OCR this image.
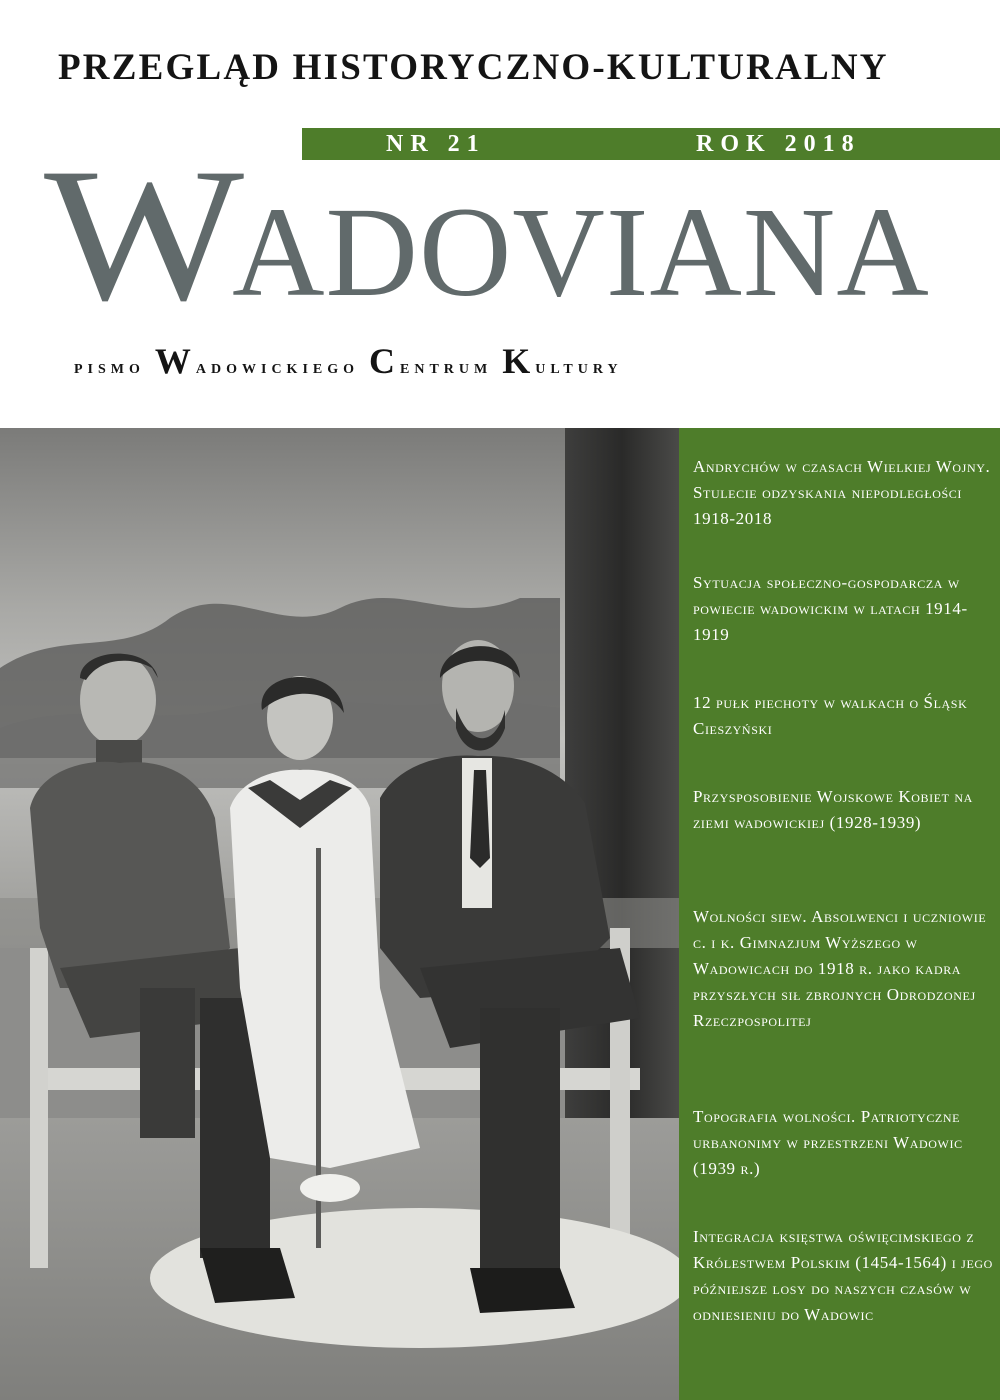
PRZEGLĄD HISTORYCZNO-KULTURALNY
NR 21	ROK 2018
WADOVIANA
pismo Wadowickiego Centrum Kultury
Andrychów w czasach Wielkiej Wojny. Stulecie odzyskania niepodległości 1918-2018
Sytuacja społeczno-gospodarcza w powiecie wadowickim w latach 1914-1919
12 pułk piechoty w walkach o Śląsk Cieszyński
Przysposobienie Wojskowe Kobiet na ziemi wadowickiej (1928-1939)
Wolności siew. Absolwenci i uczniowie c. i k. Gimnazjum Wyższego w Wadowicach do 1918 r. jako kadra przyszłych sił zbrojnych Odrodzonej Rzeczpospolitej
Topografia wolności. Patriotyczne urbanonimy w przestrzeni Wadowic (1939 r.)
Integracja księstwa oświęcimskiego z Królestwem Polskim (1454-1564) i jego późniejsze losy do naszych czasów w odniesieniu do Wadowic
